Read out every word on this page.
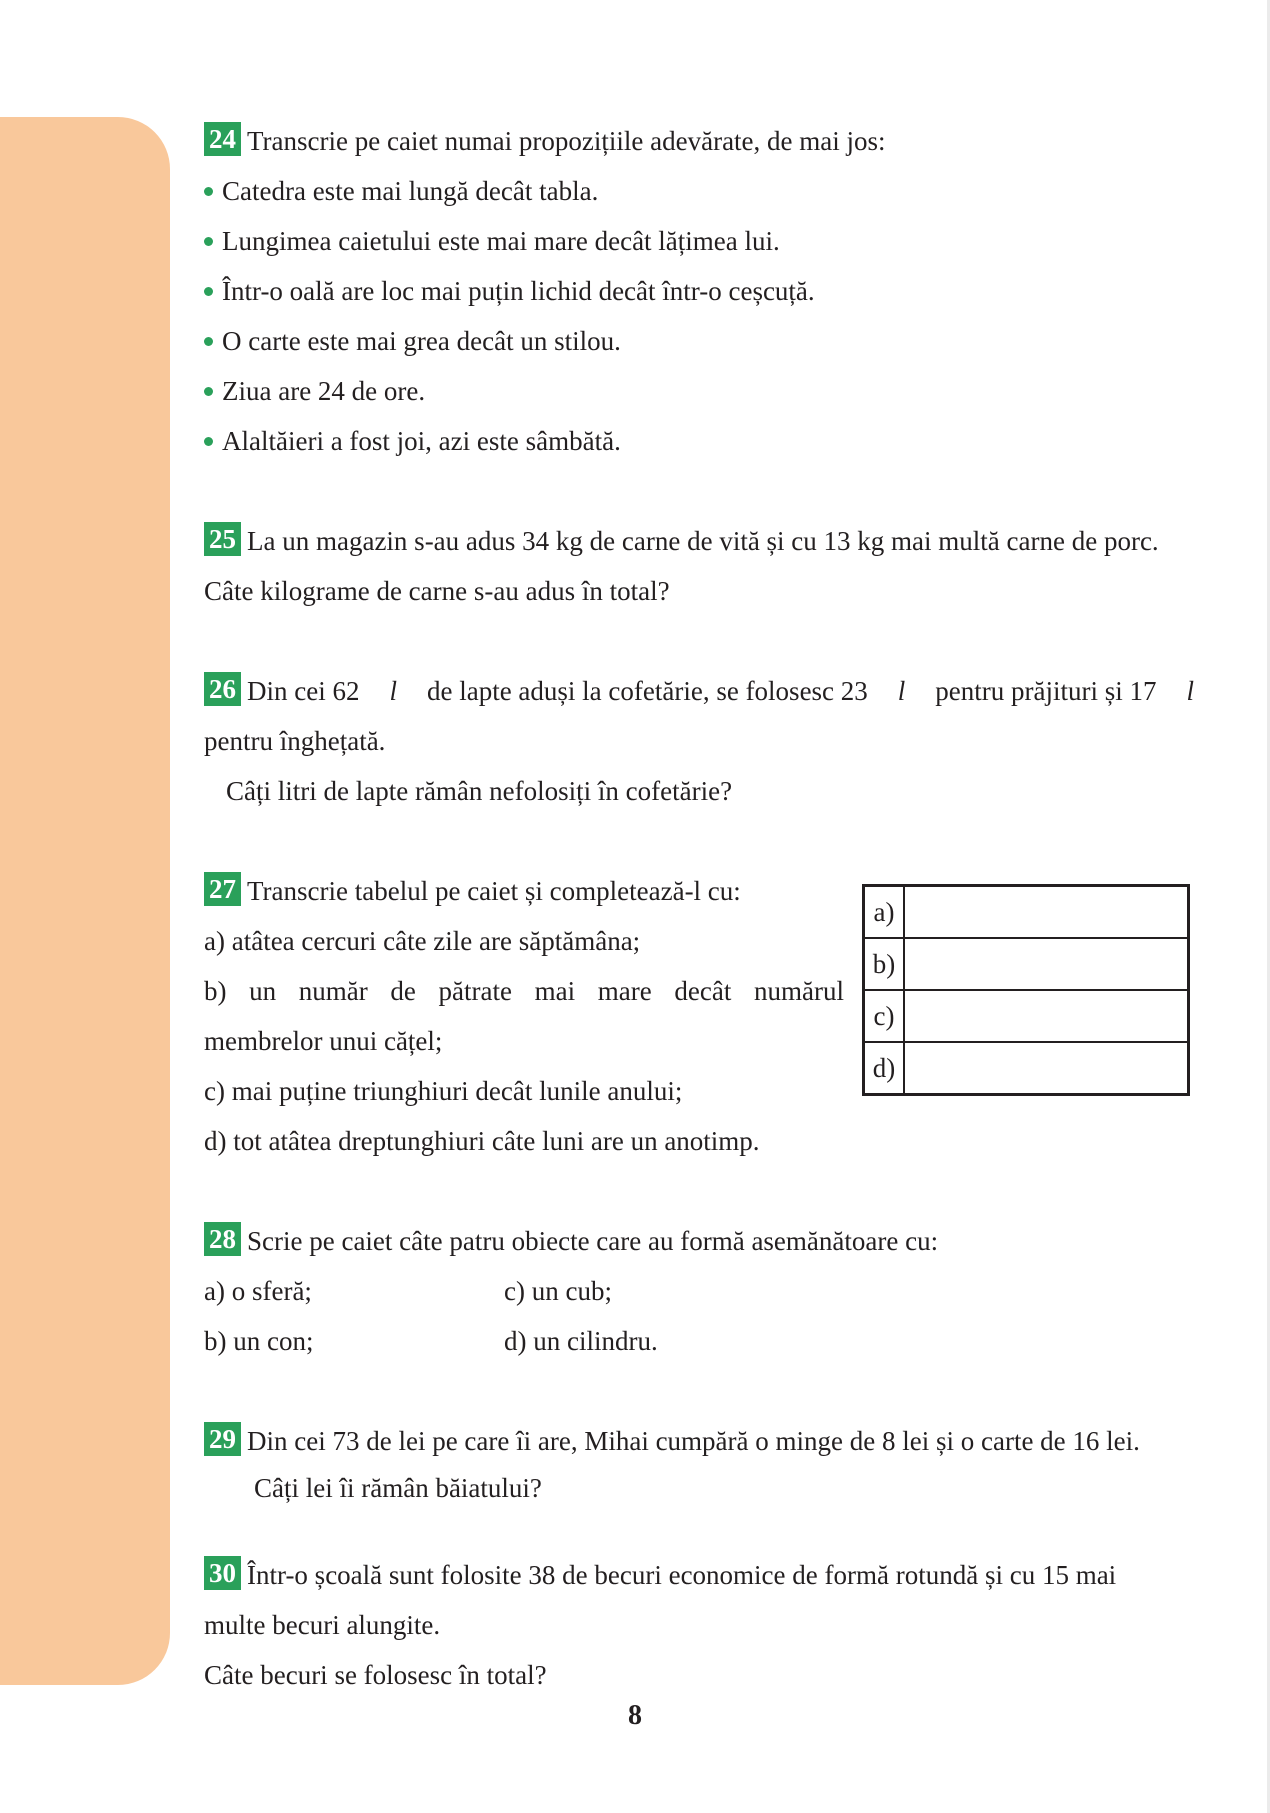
24 Transcrie pe caiet numai propozițiile adevărate, de mai jos:
Catedra este mai lungă decât tabla.
Lungimea caietului este mai mare decât lățimea lui.
Într-o oală are loc mai puțin lichid decât într-o ceșcuță.
O carte este mai grea decât un stilou.
Ziua are 24 de ore.
Alaltăieri a fost joi, azi este sâmbătă.
25 La un magazin s-au adus 34 kg de carne de vită și cu 13 kg mai multă carne de porc.
Câte kilograme de carne s-au adus în total?
26 Din cei 62 l de lapte aduși la cofetărie, se folosesc 23 l pentru prăjituri și 17 l
pentru înghețată.
Câți litri de lapte rămân nefolosiți în cofetărie?
27 Transcrie tabelul pe caiet și completează-l cu:
a) atâtea cercuri câte zile are săptămâna;
b) un număr de pătrate mai mare decât numărul
membrelor unui cățel;
c) mai puține triunghiuri decât lunile anului;
d) tot atâtea dreptunghiuri câte luni are un anotimp.
a)	
b)	
c)	
d)	
28 Scrie pe caiet câte patru obiecte care au formă asemănătoare cu:
a) o sferă;	c) un cub;
b) un con;	d) un cilindru.
29 Din cei 73 de lei pe care îi are, Mihai cumpără o minge de 8 lei și o carte de 16 lei.
Câți lei îi rămân băiatului?
30 Într-o școală sunt folosite 38 de becuri economice de formă rotundă și cu 15 mai
multe becuri alungite.
Câte becuri se folosesc în total?
8
